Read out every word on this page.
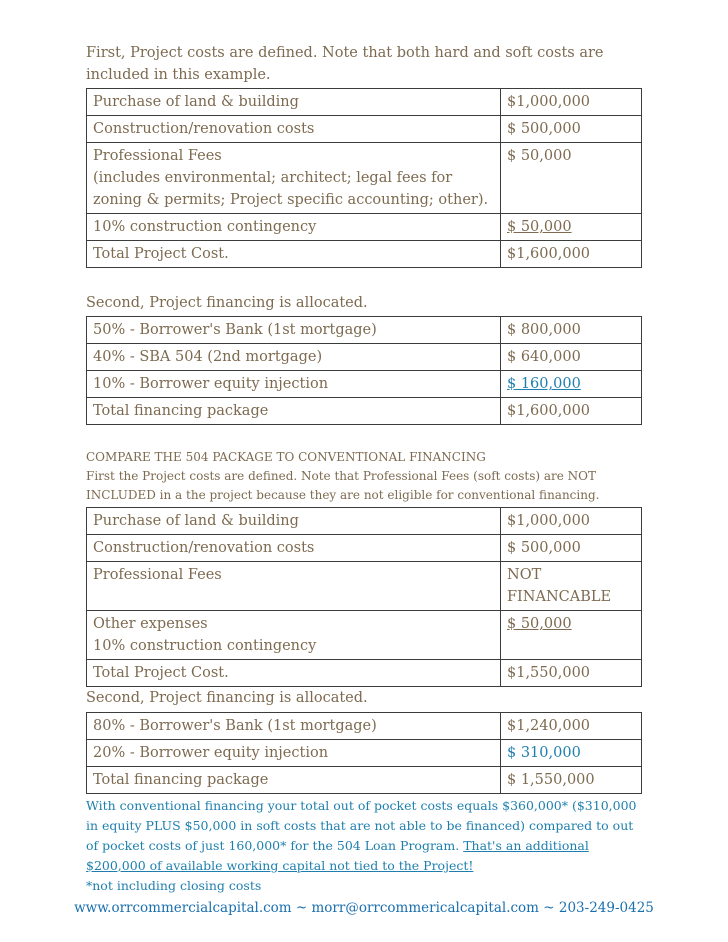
First, Project costs are defined. Note that both hard and soft costs are included in this example.
Purchase of land & building	$1,000,000
Construction/renovation costs	$ 500,000

Professional Fees
(includes environmental; architect; legal fees for zoning & permits; Project specific accounting; other).	$ 50,000
10% construction contingency	$ 50,000
Total Project Cost.	$1,600,000
Second, Project financing is allocated.
50% - Borrower's Bank (1st mortgage)	$ 800,000
40% - SBA 504 (2nd mortgage)	$ 640,000
10% - Borrower equity injection	$ 160,000
Total financing package	$1,600,000
COMPARE THE 504 PACKAGE TO CONVENTIONAL FINANCING
First the Project costs are defined. Note that Professional Fees (soft costs) are NOT INCLUDED in a the project because they are not eligible for conventional financing.
Purchase of land & building	$1,000,000
Construction/renovation costs	$ 500,000
Professional Fees	NOT FINANCABLE

Other expenses
10% construction contingency	$ 50,000
Total Project Cost.	$1,550,000
Second, Project financing is allocated.
80% - Borrower's Bank (1st mortgage)	$1,240,000
20% - Borrower equity injection	$ 310,000
Total financing package	$ 1,550,000
With conventional financing your total out of pocket costs equals $360,000* ($310,000 in equity PLUS $50,000 in soft costs that are not able to be financed) compared to out of pocket costs of just 160,000* for the 504 Loan Program. That's an additional $200,000 of available working capital not tied to the Project!
*not including closing costs
www.orrcommercialcapital.com ~ morr@orrcommericalcapital.com ~ 203-249-0425
